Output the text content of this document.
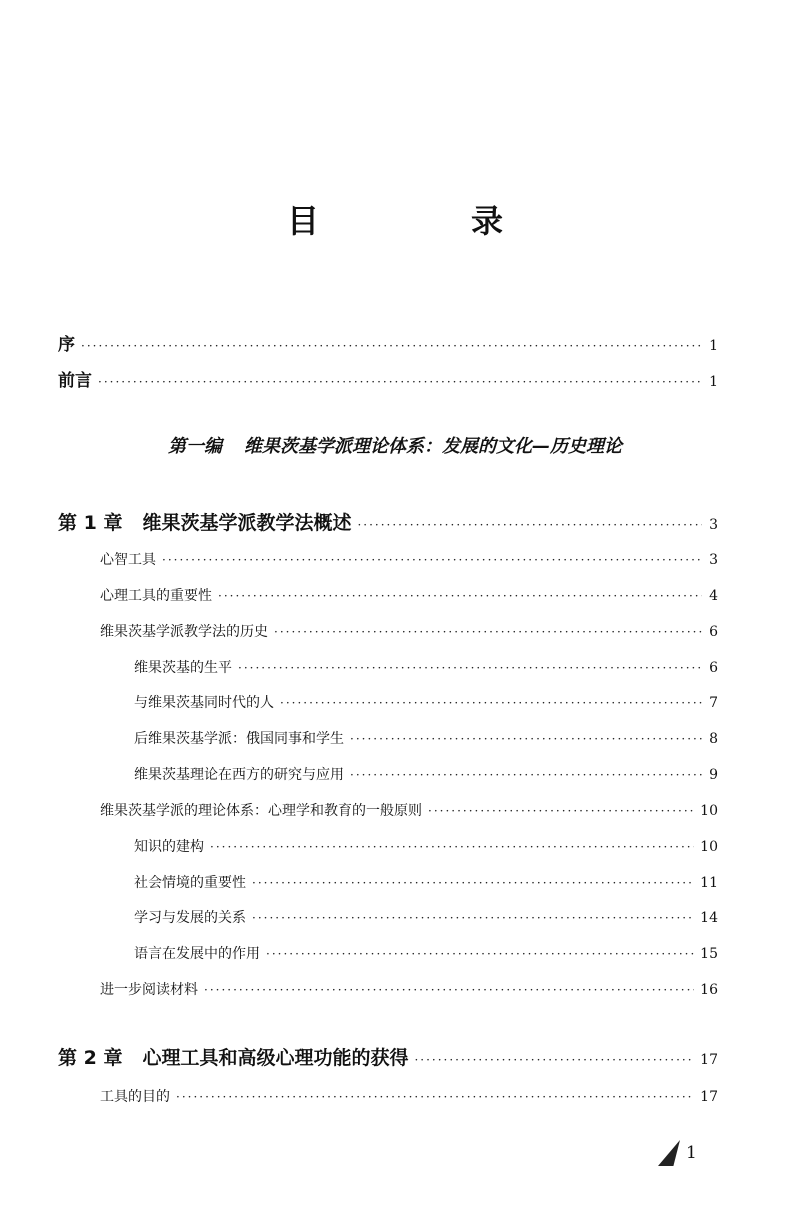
目　录
序 ·····	1
前言 ·····	1
第一编 维果茨基学派理论体系：发展的文化—历史理论
第 1 章 维果茨基学派教学法概述 ·····	3
心智工具 ·····	3
心理工具的重要性 ·····	4
维果茨基学派教学法的历史 ·····	6
维果茨基的生平 ·····	6
与维果茨基同时代的人 ·····	7
后维果茨基学派：俄国同事和学生 ·····	8
维果茨基理论在西方的研究与应用 ·····	9
维果茨基学派的理论体系：心理学和教育的一般原则 ·····	10
知识的建构 ·····	10
社会情境的重要性 ·····	11
学习与发展的关系 ·····	14
语言在发展中的作用 ·····	15
进一步阅读材料 ·····	16
第 2 章 心理工具和高级心理功能的获得 ·····	17
工具的目的 ·····	17
1
